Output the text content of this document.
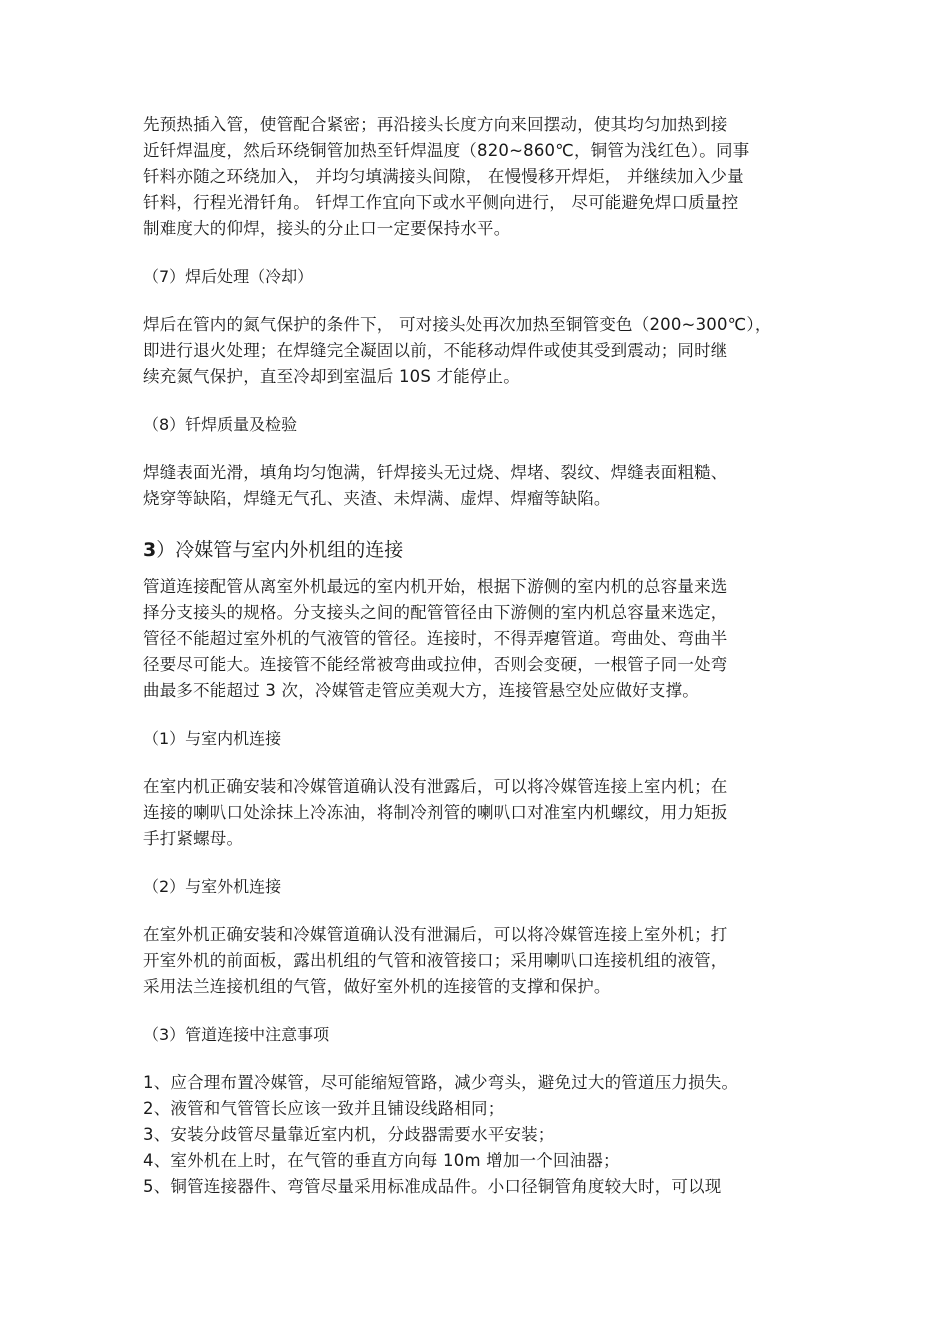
先预热插入管，使管配合紧密；再沿接头长度方向来回摆动，使其均匀加热到接
近钎焊温度，然后环绕铜管加热至钎焊温度（820~860℃，铜管为浅红色）。同事
钎料亦随之环绕加入， 并均匀填满接头间隙， 在慢慢移开焊炬， 并继续加入少量
钎料，行程光滑钎角。 钎焊工作宜向下或水平侧向进行， 尽可能避免焊口质量控
制难度大的仰焊，接头的分止口一定要保持水平。

（7）焊后处理（冷却）

焊后在管内的氮气保护的条件下， 可对接头处再次加热至铜管变色（200~300℃），
即进行退火处理；在焊缝完全凝固以前，不能移动焊件或使其受到震动；同时继
续充氮气保护，直至冷却到室温后 10S 才能停止。

（8）钎焊质量及检验

焊缝表面光滑，填角均匀饱满，钎焊接头无过烧、焊堵、裂纹、焊缝表面粗糙、
烧穿等缺陷，焊缝无气孔、夹渣、未焊满、虚焊、焊瘤等缺陷。

3）冷媒管与室内外机组的连接

管道连接配管从离室外机最远的室内机开始，根据下游侧的室内机的总容量来选
择分支接头的规格。分支接头之间的配管管径由下游侧的室内机总容量来选定，
管径不能超过室外机的气液管的管径。连接时，不得弄瘪管道。弯曲处、弯曲半
径要尽可能大。连接管不能经常被弯曲或拉伸，否则会变硬，一根管子同一处弯
曲最多不能超过 3 次，冷媒管走管应美观大方，连接管悬空处应做好支撑。

（1）与室内机连接

在室内机正确安装和冷媒管道确认没有泄露后，可以将冷媒管连接上室内机；在
连接的喇叭口处涂抹上冷冻油，将制冷剂管的喇叭口对准室内机螺纹，用力矩扳
手打紧螺母。

（2）与室外机连接

在室外机正确安装和冷媒管道确认没有泄漏后，可以将冷媒管连接上室外机；打
开室外机的前面板，露出机组的气管和液管接口；采用喇叭口连接机组的液管，
采用法兰连接机组的气管，做好室外机的连接管的支撑和保护。

（3）管道连接中注意事项

1、应合理布置冷媒管，尽可能缩短管路，减少弯头，避免过大的管道压力损失。
2、液管和气管管长应该一致并且铺设线路相同；
3、安装分歧管尽量靠近室内机，分歧器需要水平安装；
4、室外机在上时，在气管的垂直方向每 10m 增加一个回油器；
5、铜管连接器件、弯管尽量采用标准成品件。小口径铜管角度较大时，可以现
